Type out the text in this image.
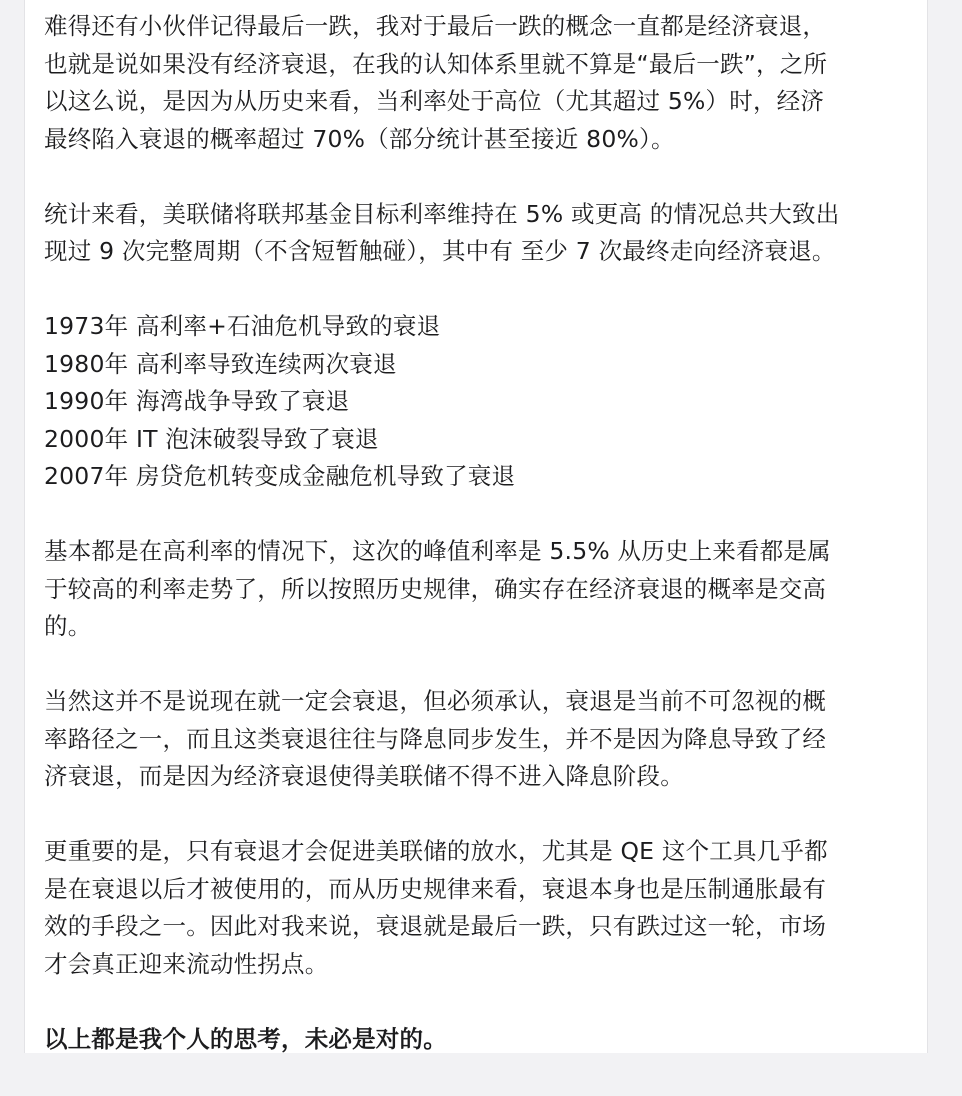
难得还有小伙伴记得最后一跌，我对于最后一跌的概念一直都是经济衰退，
也就是说如果没有经济衰退，在我的认知体系里就不算是“最后一跌”，之所
以这么说，是因为从历史来看，当利率处于高位（尤其超过 5%）时，经济
最终陷入衰退的概率超过 70%（部分统计甚至接近 80%）。

统计来看，美联储将联邦基金目标利率维持在 5% 或更高 的情况总共大致出
现过 9 次完整周期（不含短暂触碰），其中有 至少 7 次最终走向经济衰退。

1973年 高利率+石油危机导致的衰退
1980年 高利率导致连续两次衰退
1990年 海湾战争导致了衰退
2000年 IT 泡沫破裂导致了衰退
2007年 房贷危机转变成金融危机导致了衰退

基本都是在高利率的情况下，这次的峰值利率是 5.5% 从历史上来看都是属
于较高的利率走势了，所以按照历史规律，确实存在经济衰退的概率是交高
的。

当然这并不是说现在就一定会衰退，但必须承认，衰退是当前不可忽视的概
率路径之一，而且这类衰退往往与降息同步发生，并不是因为降息导致了经
济衰退，而是因为经济衰退使得美联储不得不进入降息阶段。

更重要的是，只有衰退才会促进美联储的放水，尤其是 QE 这个工具几乎都
是在衰退以后才被使用的，而从历史规律来看，衰退本身也是压制通胀最有
效的手段之一。因此对我来说，衰退就是最后一跌，只有跌过这一轮，市场
才会真正迎来流动性拐点。

以上都是我个人的思考，未必是对的。
